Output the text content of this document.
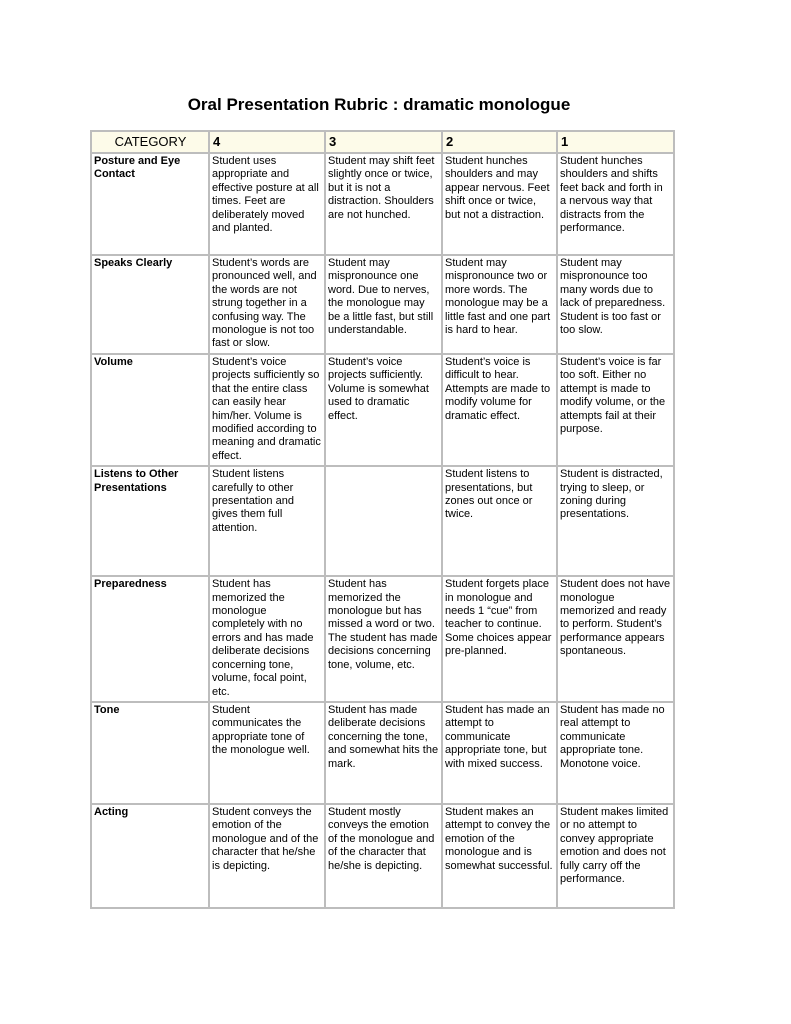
Oral Presentation Rubric : dramatic monologue
CATEGORY	4	3	2	1
Posture and Eye Contact	Student uses appropriate and effective posture at all times. Feet are deliberately moved and planted.	Student may shift feet slightly once or twice, but it is not a distraction. Shoulders are not hunched.	Student hunches shoulders and may appear nervous. Feet shift once or twice, but not a distraction.	Student hunches shoulders and shifts feet back and forth in a nervous way that distracts from the performance.
Speaks Clearly	Student’s words are pronounced well, and the words are not strung together in a confusing way. The monologue is not too fast or slow.	Student may mispronounce one word. Due to nerves, the monologue may be a little fast, but still understandable.	Student may mispronounce two or more words. The monologue may be a little fast and one part is hard to hear.	Student may mispronounce too many words due to lack of preparedness. Student is too fast or too slow.
Volume	Student’s voice projects sufficiently so that the entire class can easily hear him/her. Volume is modified according to meaning and dramatic effect.	Student’s voice projects sufficiently. Volume is somewhat used to dramatic effect.	Student’s voice is difficult to hear. Attempts are made to modify volume for dramatic effect.	Student’s voice is far too soft. Either no attempt is made to modify volume, or the attempts fail at their purpose.
Listens to Other Presentations	Student listens carefully to other presentation and gives them full attention.		Student listens to presentations, but zones out once or twice.	Student is distracted, trying to sleep, or zoning during presentations.
Preparedness	Student has memorized the monologue completely with no errors and has made deliberate decisions concerning tone, volume, focal point, etc.	Student has memorized the monologue but has missed a word or two. The student has made decisions concerning tone, volume, etc.	Student forgets place in monologue and needs 1 “cue” from teacher to continue. Some choices appear pre-planned.	Student does not have monologue memorized and ready to perform. Student’s performance appears spontaneous.
Tone	Student communicates the appropriate tone of the monologue well.	Student has made deliberate decisions concerning the tone, and somewhat hits the mark.	Student has made an attempt to communicate appropriate tone, but with mixed success.	Student has made no real attempt to communicate appropriate tone. Monotone voice.
Acting	Student conveys the emotion of the monologue and of the character that he/she is depicting.	Student mostly conveys the emotion of the monologue and of the character that he/she is depicting.	Student makes an attempt to convey the emotion of the monologue and is somewhat successful.	Student makes limited or no attempt to convey appropriate emotion and does not fully carry off the performance.
